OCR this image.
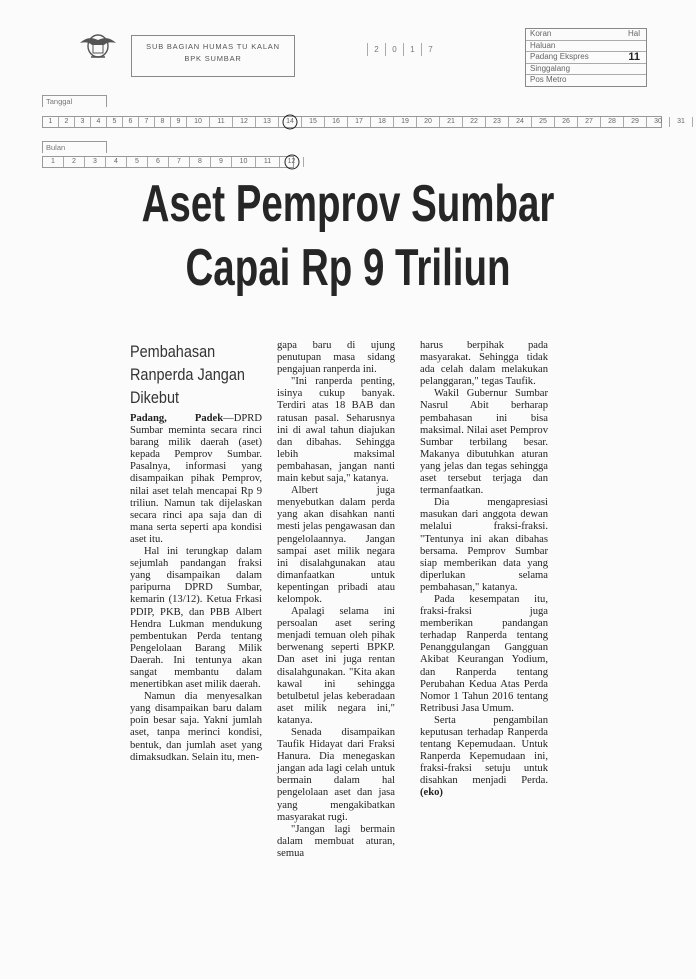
SUB BAGIAN HUMAS TU KALAN
BPK SUMBAR
2	0	1	7
Koran	Hal
Haluan
Padang Ekspres	11
Singgalang
Pos Metro
Tanggal
1	2	3	4	5	6	7	8	9	10	11	12	13	14	15	16	17	18	19	20	21	22	23	24	25	26	27	28	29	30	31
Bulan
1	2	3	4	5	6	7	8	9	10	11	12
Aset Pemprov Sumbar
Capai Rp 9 Triliun
Pembahasan
Ranperda Jangan
Dikebut

Padang, Padek—DPRD Sumbar meminta secara rinci barang milik daerah (aset) kepada Pemprov Sumbar. Pasalnya, informasi yang disampaikan pihak Pemprov, nilai aset telah mencapai Rp 9 triliun. Namun tak dijelaskan secara rinci apa saja dan di mana serta seperti apa kondisi aset itu.

Hal ini terungkap dalam sejumlah pandangan fraksi yang disampaikan dalam paripurna DPRD Sumbar, kemarin (13/12). Ketua Frkasi PDIP, PKB, dan PBB Albert Hendra Lukman mendukung pembentukan Perda tentang Pengelolaan Barang Milik Daerah. Ini tentunya akan sangat membantu dalam menertibkan aset milik daerah.

Namun dia menyesalkan yang disampaikan baru dalam poin besar saja. Yakni jumlah aset, tanpa merinci kondisi, bentuk, dan jumlah aset yang dimaksudkan. Selain itu, men-

gapa baru di ujung penutupan masa sidang pengajuan ranperda ini.

"Ini ranperda penting, isinya cukup banyak. Terdiri atas 18 BAB dan ratusan pasal. Seharusnya ini di awal tahun diajukan dan dibahas. Sehingga lebih maksimal pembahasan, jangan nanti main kebut saja," katanya.

Albert juga menyebutkan dalam perda yang akan disahkan nanti mesti jelas pengawasan dan pengelolaannya. Jangan sampai aset milik negara ini disalahgunakan atau dimanfaatkan untuk kepentingan pribadi atau kelompok.

Apalagi selama ini persoalan aset sering menjadi temuan oleh pihak berwenang seperti BPKP. Dan aset ini juga rentan disalahgunakan. "Kita akan kawal ini sehingga betulbetul jelas keberadaan aset milik negara ini," katanya.

Senada disampaikan Taufik Hidayat dari Fraksi Hanura. Dia menegaskan jangan ada lagi celah untuk bermain dalam hal pengelolaan aset dan jasa yang mengakibatkan masyarakat rugi.

"Jangan lagi bermain dalam membuat aturan, semua

harus berpihak pada masyarakat. Sehingga tidak ada celah dalam melakukan pelanggaran," tegas Taufik.

Wakil Gubernur Sumbar Nasrul Abit berharap pembahasan ini bisa maksimal. Nilai aset Pemprov Sumbar terbilang besar. Makanya dibutuhkan aturan yang jelas dan tegas sehingga aset tersebut terjaga dan termanfaatkan.

Dia mengapresiasi masukan dari anggota dewan melalui fraksi-fraksi. "Tentunya ini akan dibahas bersama. Pemprov Sumbar siap memberikan data yang diperlukan selama pembahasan," katanya.

Pada kesempatan itu, fraksi-fraksi juga memberikan pandangan terhadap Ranperda tentang Penanggulangan Gangguan Akibat Keurangan Yodium, dan Ranperda tentang Perubahan Kedua Atas Perda Nomor 1 Tahun 2016 tentang Retribusi Jasa Umum.

Serta pengambilan keputusan terhadap Ranperda tentang Kepemudaan. Untuk Ranperda Kepemudaan ini, fraksi-fraksi setuju untuk disahkan menjadi Perda. (eko)
